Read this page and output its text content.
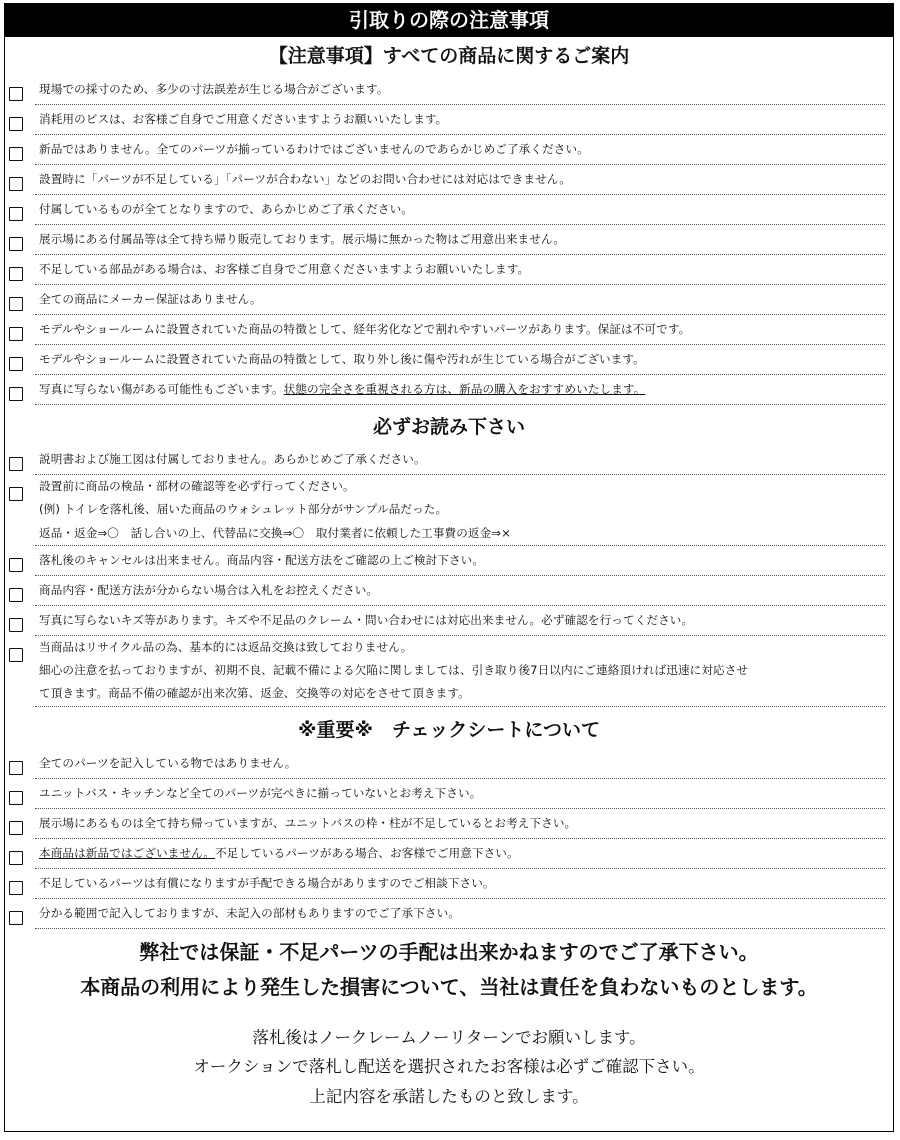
引取りの際の注意事項
【注意事項】すべての商品に関するご案内
現場での採寸のため、多少の寸法誤差が生じる場合がございます。
消耗用のビスは、お客様ご自身でご用意くださいますようお願いいたします。
新品ではありません。全てのパーツが揃っているわけではございませんのであらかじめご了承ください。
設置時に「パーツが不足している」「パーツが合わない」などのお問い合わせには対応はできません。
付属しているものが全てとなりますので、あらかじめご了承ください。
展示場にある付属品等は全て持ち帰り販売しております。展示場に無かった物はご用意出来ません。
不足している部品がある場合は、お客様ご自身でご用意くださいますようお願いいたします。
全ての商品にメーカー保証はありません。
モデルやショールームに設置されていた商品の特徴として、経年劣化などで割れやすいパーツがあります。保証は不可です。
モデルやショールームに設置されていた商品の特徴として、取り外し後に傷や汚れが生じている場合がございます。
写真に写らない傷がある可能性もございます。状態の完全さを重視される方は、新品の購入をおすすめいたします。
必ずお読み下さい
説明書および施工図は付属しておりません。あらかじめご了承ください。
設置前に商品の検品・部材の確認等を必ず行ってください。
(例) トイレを落札後、届いた商品のウォシュレット部分がサンプル品だった。
返品・返金⇒〇　話し合いの上、代替品に交換⇒〇　取付業者に依頼した工事費の返金⇒×
落札後のキャンセルは出来ません。商品内容・配送方法をご確認の上ご検討下さい。
商品内容・配送方法が分からない場合は入札をお控えください。
写真に写らないキズ等があります。キズや不足品のクレーム・問い合わせには対応出来ません。必ず確認を行ってください。
当商品はリサイクル品の為、基本的には返品交換は致しておりません。
細心の注意を払っておりますが、初期不良、記載不備による欠陥に関しましては、引き取り後7日以内にご連絡頂ければ迅速に対応させ
て頂きます。商品不備の確認が出来次第、返金、交換等の対応をさせて頂きます。
※重要※　チェックシートについて
全てのパーツを記入している物ではありません。
ユニットバス・キッチンなど全てのパーツが完ぺきに揃っていないとお考え下さい。
展示場にあるものは全て持ち帰っていますが、ユニットバスの枠・柱が不足しているとお考え下さい。
本商品は新品ではございません。不足しているパーツがある場合、お客様でご用意下さい。
不足しているパーツは有償になりますが手配できる場合がありますのでご相談下さい。
分かる範囲で記入しておりますが、未記入の部材もありますのでご了承下さい。
弊社では保証・不足パーツの手配は出来かねますのでご了承下さい。
本商品の利用により発生した損害について、当社は責任を負わないものとします。
落札後はノークレームノーリターンでお願いします。
オークションで落札し配送を選択されたお客様は必ずご確認下さい。
上記内容を承諾したものと致します。
